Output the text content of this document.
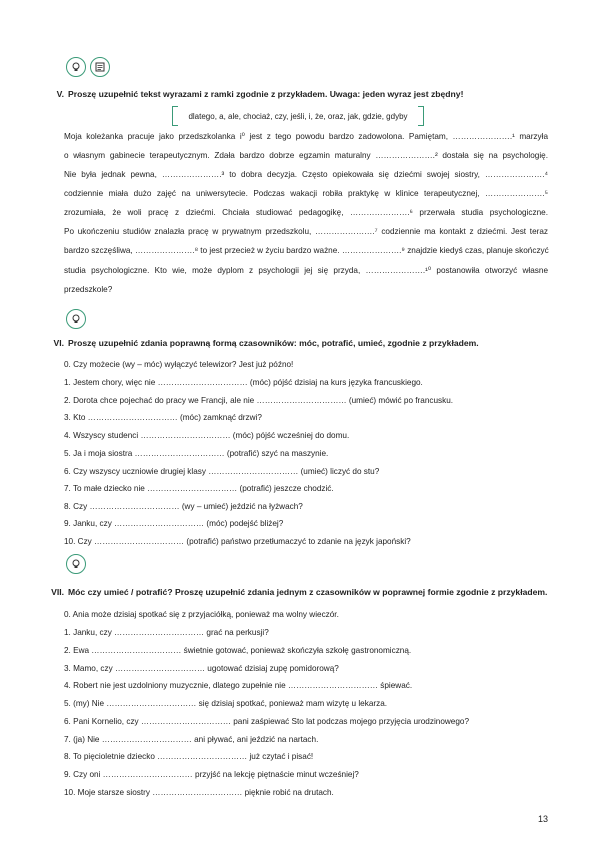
V. Proszę uzupełnić tekst wyrazami z ramki zgodnie z przykładem. Uwaga: jeden wyraz jest zbędny!
dlatego, a, ale, chociaż, czy, jeśli, i, że, oraz, jak, gdzie, gdyby
Moja koleżanka pracuje jako przedszkolanka i⁰ jest z tego powodu bardzo zadowolona. Pamiętam, ………………….¹ marzyła
o własnym gabinecie terapeutycznym. Zdała bardzo dobrze egzamin maturalny ………………….² dostała się na psychologię.
Nie była jednak pewna, ………………….³ to dobra decyzja. Często opiekowała się dziećmi swojej siostry, ………………….⁴
codziennie miała dużo zajęć na uniwersytecie. Podczas wakacji robiła praktykę w klinice terapeutycznej, ………………….⁵
zrozumiała, że woli pracę z dziećmi. Chciała studiować pedagogikę, ………………….⁶ przerwała studia psychologiczne.
Po ukończeniu studiów znalazła pracę w prywatnym przedszkolu, ………………….⁷ codziennie ma kontakt z dziećmi. Jest teraz
bardzo szczęśliwa, ………………….⁸ to jest przecież w życiu bardzo ważne. ………………….⁹ znajdzie kiedyś czas, planuje skończyć
studia psychologiczne. Kto wie, może dyplom z psychologii jej się przyda, ………………….¹⁰ postanowiła otworzyć własne
przedszkole?
VI. Proszę uzupełnić zdania poprawną formą czasowników: móc, potrafić, umieć, zgodnie z przykładem.
0. Czy możecie (wy – móc) wyłączyć telewizor? Jest już późno!
1. Jestem chory, więc nie …………………………… (móc) pójść dzisiaj na kurs języka francuskiego.
2. Dorota chce pojechać do pracy we Francji, ale nie …………………………… (umieć) mówić po francusku.
3. Kto …………………………… (móc) zamknąć drzwi?
4. Wszyscy studenci …………………………… (móc) pójść wcześniej do domu.
5. Ja i moja siostra …………………………… (potrafić) szyć na maszynie.
6. Czy wszyscy uczniowie drugiej klasy …………………………… (umieć) liczyć do stu?
7. To małe dziecko nie …………………………… (potrafić) jeszcze chodzić.
8. Czy …………………………… (wy – umieć) jeździć na łyżwach?
9. Janku, czy …………………………… (móc) podejść bliżej?
10. Czy …………………………… (potrafić) państwo przetłumaczyć to zdanie na język japoński?
VII. Móc czy umieć / potrafić? Proszę uzupełnić zdania jednym z czasowników w poprawnej formie zgodnie z przykładem.
0. Ania może dzisiaj spotkać się z przyjaciółką, ponieważ ma wolny wieczór.
1. Janku, czy …………………………… grać na perkusji?
2. Ewa …………………………… świetnie gotować, ponieważ skończyła szkołę gastronomiczną.
3. Mamo, czy …………………………… ugotować dzisiaj zupę pomidorową?
4. Robert nie jest uzdolniony muzycznie, dlatego zupełnie nie …………………………… śpiewać.
5. (my) Nie …………………………… się dzisiaj spotkać, ponieważ mam wizytę u lekarza.
6. Pani Kornelio, czy …………………………… pani zaśpiewać Sto lat podczas mojego przyjęcia urodzinowego?
7. (ja) Nie …………………………… ani pływać, ani jeździć na nartach.
8. To pięcioletnie dziecko …………………………… już czytać i pisać!
9. Czy oni …………………………… przyjść na lekcję piętnaście minut wcześniej?
10. Moje starsze siostry …………………………… pięknie robić na drutach.
13
